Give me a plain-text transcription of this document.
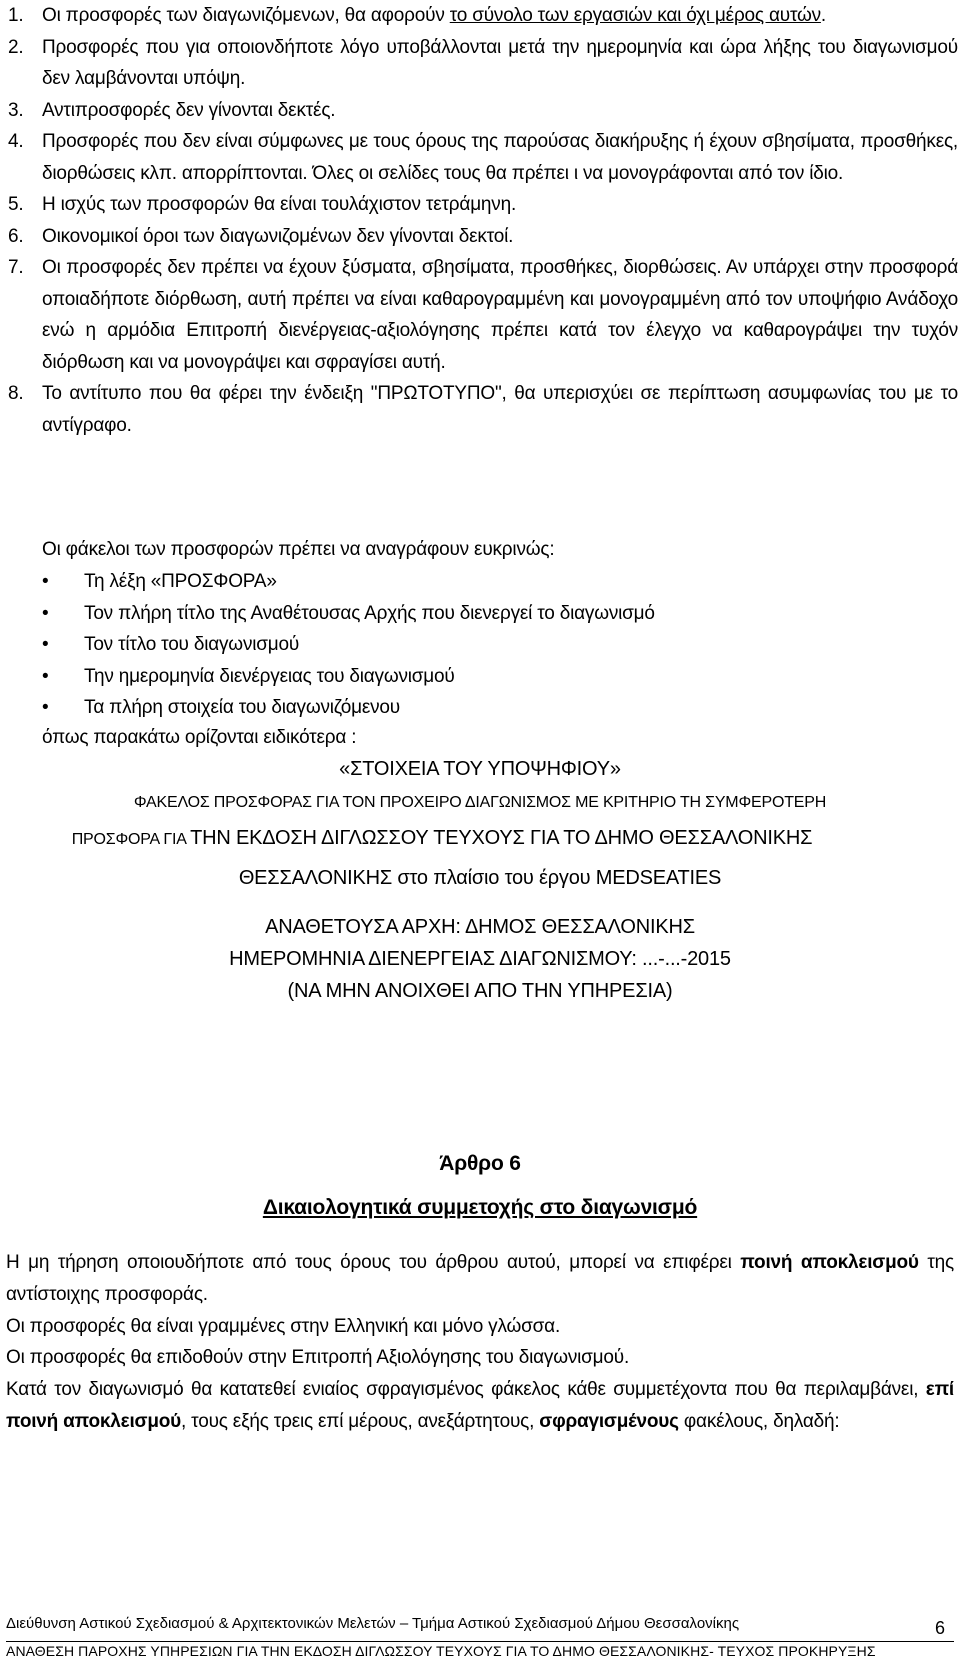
1. Οι προσφορές των διαγωνιζόμενων, θα αφορούν το σύνολο των εργασιών και όχι μέρος αυτών.
2. Προσφορές που για οποιονδήποτε λόγο υποβάλλονται μετά την ημερομηνία και ώρα λήξης του διαγωνισμού δεν λαμβάνονται υπόψη.
3. Αντιπροσφορές δεν γίνονται δεκτές.
4. Προσφορές που δεν είναι σύμφωνες με τους όρους της παρούσας διακήρυξης ή έχουν σβησίματα, προσθήκες, διορθώσεις κλπ. απορρίπτονται. Όλες οι σελίδες τους θα πρέπει ι να μονογράφονται από τον ίδιο.
5. Η ισχύς των προσφορών θα είναι τουλάχιστον τετράμηνη.
6. Οικονομικοί όροι των διαγωνιζομένων δεν γίνονται δεκτοί.
7. Οι προσφορές δεν πρέπει να έχουν ξύσματα, σβησίματα, προσθήκες, διορθώσεις. Αν υπάρχει στην προσφορά οποιαδήποτε διόρθωση, αυτή πρέπει να είναι καθαρογραμμένη και μονογραμμένη από τον υποψήφιο Ανάδοχο ενώ η αρμόδια Επιτροπή διενέργειας-αξιολόγησης πρέπει κατά τον έλεγχο να καθαρογράψει την τυχόν διόρθωση και να μονογράψει και σφραγίσει αυτή.
8. Το αντίτυπο που θα φέρει την ένδειξη "ΠΡΩΤΟΤΥΠΟ", θα υπερισχύει σε περίπτωση ασυμφωνίας του με το αντίγραφο.
Οι φάκελοι των προσφορών πρέπει να αναγράφουν ευκρινώς:
• Τη λέξη «ΠΡΟΣΦΟΡΑ»
• Τον πλήρη τίτλο της Αναθέτουσας Αρχής που διενεργεί το διαγωνισμό
• Τον τίτλο του διαγωνισμού
• Την ημερομηνία διενέργειας του διαγωνισμού
• Τα πλήρη στοιχεία του διαγωνιζόμενου
όπως παρακάτω ορίζονται ειδικότερα :
«ΣΤΟΙΧΕΙΑ ΤΟΥ ΥΠΟΨΗΦΙΟΥ»
ΦΑΚΕΛΟΣ ΠΡΟΣΦΟΡΑΣ ΓΙΑ ΤΟΝ ΠΡΟΧΕΙΡΟ ΔΙΑΓΩΝΙΣΜΟΣ ΜΕ ΚΡΙΤΗΡΙΟ ΤΗ ΣΥΜΦΕΡΟΤΕΡΗ
ΠΡΟΣΦΟΡΑ ΓΙΑ ΤΗΝ ΕΚΔΟΣΗ ΔΙΓΛΩΣΣΟΥ ΤΕΥΧΟΥΣ ΓΙΑ ΤΟ ΔΗΜΟ ΘΕΣΣΑΛΟΝΙΚΗΣ
ΘΕΣΣΑΛΟΝΙΚΗΣ στο πλαίσιο του έργου MEDSEATIES
ΑΝΑΘΕΤΟΥΣΑ ΑΡΧΗ: ΔΗΜΟΣ ΘΕΣΣΑΛΟΝΙΚΗΣ
ΗΜΕΡΟΜΗΝΙΑ ΔΙΕΝΕΡΓΕΙΑΣ ΔΙΑΓΩΝΙΣΜΟΥ: ...-...-2015
(ΝΑ ΜΗΝ ΑΝΟΙΧΘΕΙ ΑΠΟ ΤΗΝ ΥΠΗΡΕΣΙΑ)
Άρθρο 6
Δικαιολογητικά συμμετοχής στο διαγωνισμό
Η μη τήρηση οποιουδήποτε από τους όρους του άρθρου αυτού, μπορεί να επιφέρει ποινή αποκλεισμού της αντίστοιχης προσφοράς.
Οι προσφορές θα είναι γραμμένες στην Ελληνική και μόνο γλώσσα.
Οι προσφορές θα επιδοθούν στην Επιτροπή Αξιολόγησης του διαγωνισμού.
Κατά τον διαγωνισμό θα κατατεθεί ενιαίος σφραγισμένος φάκελος κάθε συμμετέχοντα που θα περιλαμβάνει, επί ποινή αποκλεισμού, τους εξής τρεις επί μέρους, ανεξάρτητους, σφραγισμένους φακέλους, δηλαδή:
Διεύθυνση Αστικού Σχεδιασμού & Αρχιτεκτονικών Μελετών – Τμήμα Αστικού Σχεδιασμού Δήμου Θεσσαλονίκης	6
ΑΝΑΘΕΣΗ ΠΑΡΟΧΗΣ ΥΠΗΡΕΣΙΩΝ ΓΙΑ ΤΗΝ ΕΚΔΟΣΗ ΔΙΓΛΩΣΣΟΥ ΤΕΥΧΟΥΣ ΓΙΑ ΤΟ ΔΗΜΟ ΘΕΣΣΑΛΟΝΙΚΗΣ- ΤΕΥΧΟΣ ΠΡΟΚΗΡΥΞΗΣ
